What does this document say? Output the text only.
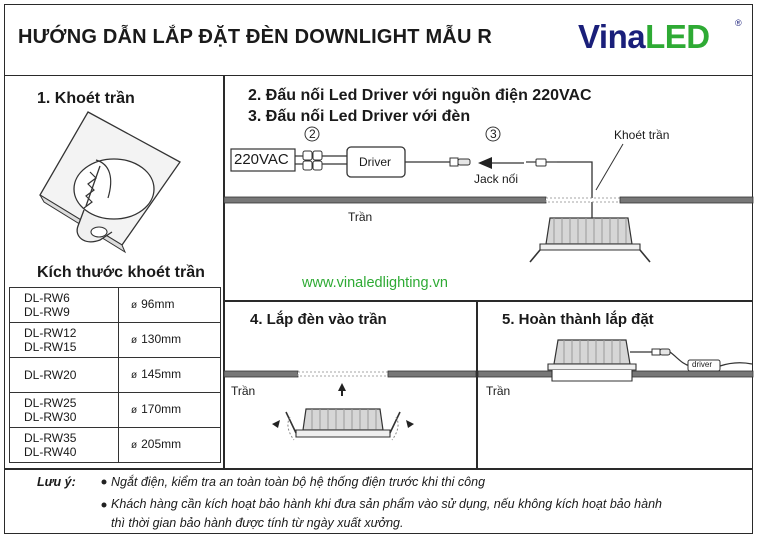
HƯỚNG DẪN LẮP ĐẶT ĐÈN DOWNLIGHT MẪU R	VinaLED	®
1. Khoét trần
Kích thước khoét trần
DL-RW6
DL-RW9	ø 96mm

DL-RW12
DL-RW15	ø 130mm

DL-RW20	ø 145mm

DL-RW25
DL-RW30	ø 170mm

DL-RW35
DL-RW40	ø 205mm
2. Đấu nối Led Driver với nguồn điện 220VAC
3. Đấu nối Led Driver với đèn
2	3
220VAC	Driver
Jack nối
Khoét trần
Trần
www.vinaledlighting.vn
4. Lắp đèn vào trần
Trần
5. Hoàn thành lắp đặt
Trần
driver
Lưu ý:	Ngắt điện, kiểm tra an toàn toàn bộ hệ thống điện trước khi thi công
Khách hàng cần kích hoạt bảo hành khi đưa sản phẩm vào sử dụng, nếu không kích hoạt bảo hành
thì thời gian bảo hành được tính từ ngày xuất xưởng.
